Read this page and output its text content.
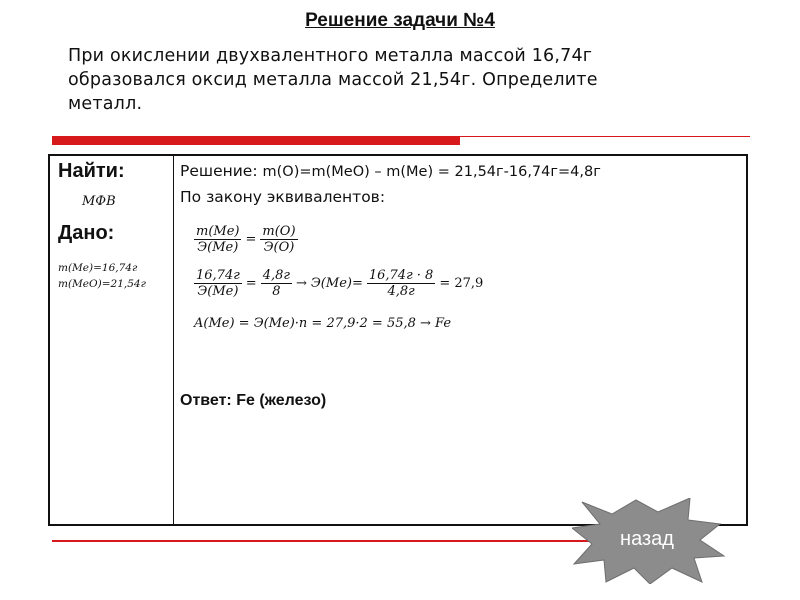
Решение задачи №4
При окислении двухвалентного металла массой 16,74г
образовался оксид металла массой 21,54г. Определите
металл.
Найти:
МФВ
Дано:
m(Me)=16,74г
m(MeO)=21,54г
Решение: m(O)=m(MeO) – m(Me) = 21,54г-16,74г=4,8г
По закону эквивалентов:
$\frac{m(Me)}{Э(Me)} = \frac{m(O)}{Э(O)}$
$\frac{16,74г}{Э(Me)} = \frac{4,8г}{8} \to Э(Me)= \frac{16,74г \cdot 8}{4,8г} = 27,9$
A(Me) = Э(Me)·n = 27,9·2 = 55,8 → Fe
Ответ: Fe (железо)
назад
